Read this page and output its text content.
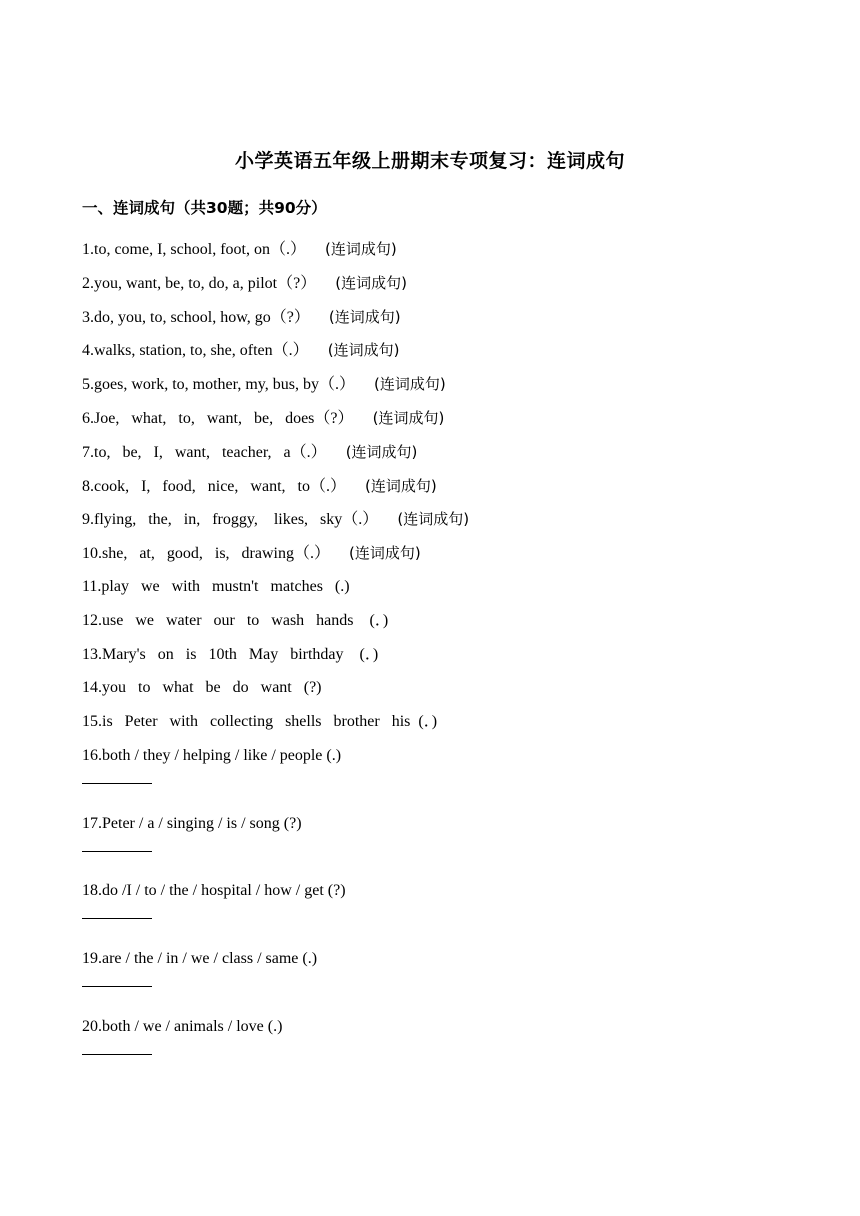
小学英语五年级上册期末专项复习：连词成句
一、连词成句（共30题；共90分）
1.to, come, I, school, foot, on（.）    (连词成句)
2.you, want, be, to, do, a, pilot（?）    (连词成句)
3.do, you, to, school, how, go（?）    (连词成句)
4.walks, station, to, she, often（.）    (连词成句)
5.goes, work, to, mother, my, bus, by（.）    (连词成句)
6.Joe,   what,   to,   want,   be,   does（?）    (连词成句)
7.to,   be,   I,   want,   teacher,   a（.）    (连词成句)
8.cook,   I,   food,   nice,   want,   to（.）    (连词成句)
9.flying,   the,   in,   froggy,    likes,   sky（.）    (连词成句)
10.she,   at,   good,   is,   drawing（.）    (连词成句)
11.play   we   with   mustn't   matches   (.)
12.use   we   water   our   to   wash   hands    (．)
13.Mary's   on   is   10th   May   birthday    (．)
14.you   to   what   be   do   want   (?)
15.is   Peter   with   collecting   shells   brother   his  (．)
16.both / they / helping / like / people (.)
17.Peter / a / singing / is / song (?)
18.do /I / to / the / hospital / how / get (?)
19.are / the / in / we / class / same (.)
20.both / we / animals / love (.)
